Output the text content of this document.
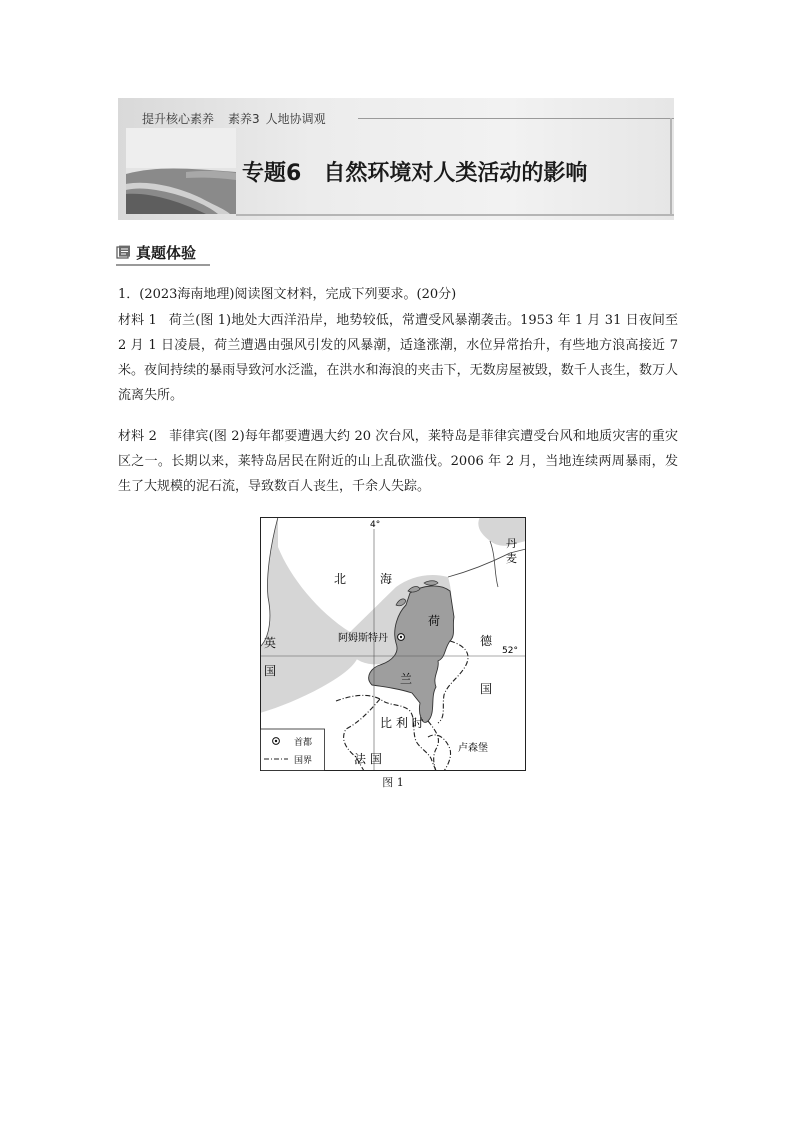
提升核心素养 素养3 人地协调观
专题6 自然环境对人类活动的影响
真题体验
1．(2023海南地理)阅读图文材料，完成下列要求。(20分)
材料 1 荷兰(图 1)地处大西洋沿岸，地势较低，常遭受风暴潮袭击。1953 年 1 月 31 日夜间至 2 月 1 日凌晨，荷兰遭遇由强风引发的风暴潮，适逢涨潮，水位异常抬升，有些地方浪高接近 7 米。夜间持续的暴雨导致河水泛滥，在洪水和海浪的夹击下，无数房屋被毁，数千人丧生，数万人流离失所。
材料 2 菲律宾(图 2)每年都要遭遇大约 20 次台风，莱特岛是菲律宾遭受台风和地质灾害的重灾区之一。长期以来，莱特岛居民在附近的山上乱砍滥伐。2006 年 2 月，当地连续两周暴雨，发生了大规模的泥石流，导致数百人丧生，千余人失踪。
4°
52°
北	海
丹
麦
荷
兰
德
国
英
国
比 利 时
法 国
卢森堡
阿姆斯特丹
首都
国界
图 1
